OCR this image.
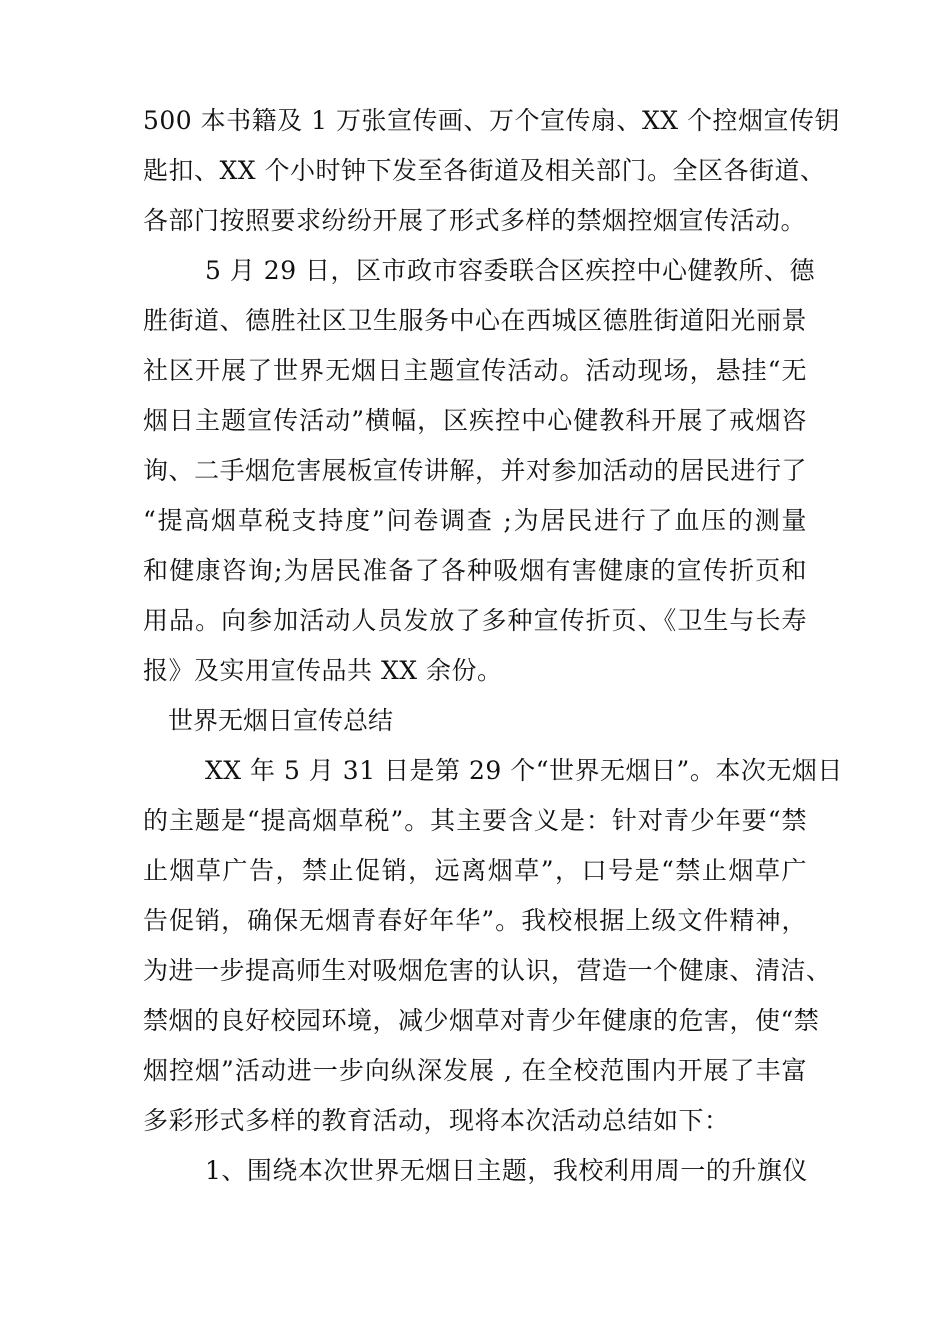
500 本书籍及 1 万张宣传画、万个宣传扇、XX 个控烟宣传钥
匙扣、XX 个小时钟下发至各街道及相关部门。全区各街道、
各部门按照要求纷纷开展了形式多样的禁烟控烟宣传活动。
5 月 29 日，区市政市容委联合区疾控中心健教所、德
胜街道、德胜社区卫生服务中心在西城区德胜街道阳光丽景
社区开展了世界无烟日主题宣传活动。活动现场，悬挂“无
烟日主题宣传活动”横幅，区疾控中心健教科开展了戒烟咨
询、二手烟危害展板宣传讲解，并对参加活动的居民进行了
“提高烟草税支持度”问卷调查 ;为居民进行了血压的测量
和健康咨询;为居民准备了各种吸烟有害健康的宣传折页和
用品。向参加活动人员发放了多种宣传折页、《卫生与长寿
报》及实用宣传品共 XX 余份。
世界无烟日宣传总结
XX 年 5 月 31 日是第 29 个“世界无烟日”。本次无烟日
的主题是“提高烟草税”。其主要含义是：针对青少年要“禁
止烟草广告，禁止促销，远离烟草”，口号是“禁止烟草广
告促销，确保无烟青春好年华”。我校根据上级文件精神，
为进一步提高师生对吸烟危害的认识，营造一个健康、清洁、
禁烟的良好校园环境，减少烟草对青少年健康的危害，使“禁
烟控烟”活动进一步向纵深发展 , 在全校范围内开展了丰富
多彩形式多样的教育活动，现将本次活动总结如下：
1、围绕本次世界无烟日主题，我校利用周一的升旗仪
